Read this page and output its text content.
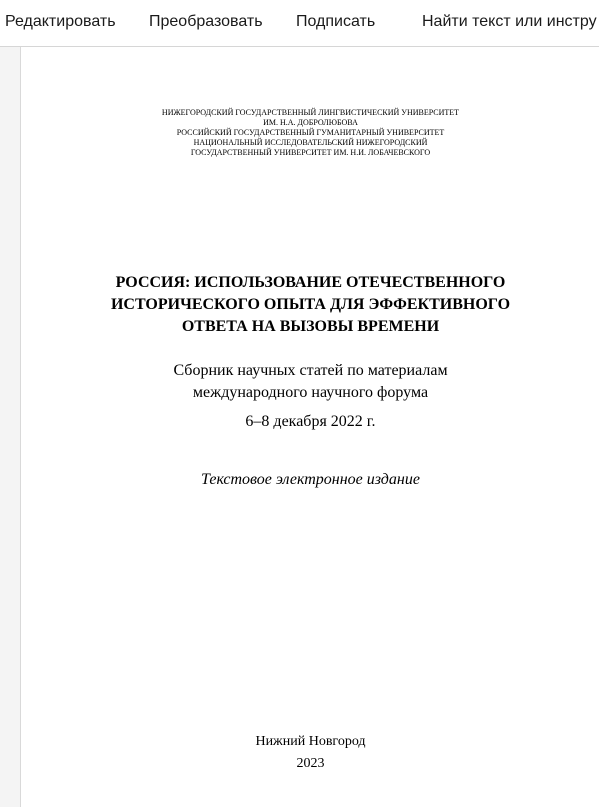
Редактировать Преобразовать Подписать	Найти текст или инстру
НИЖЕГОРОДСКИЙ ГОСУДАРСТВЕННЫЙ ЛИНГВИСТИЧЕСКИЙ УНИВЕРСИТЕТ
ИМ. Н.А. ДОБРОЛЮБОВА
РОССИЙСКИЙ ГОСУДАРСТВЕННЫЙ ГУМАНИТАРНЫЙ УНИВЕРСИТЕТ
НАЦИОНАЛЬНЫЙ ИССЛЕДОВАТЕЛЬСКИЙ НИЖЕГОРОДСКИЙ
ГОСУДАРСТВЕННЫЙ УНИВЕРСИТЕТ ИМ. Н.И. ЛОБАЧЕВСКОГО
РОССИЯ: ИСПОЛЬЗОВАНИЕ ОТЕЧЕСТВЕННОГО
ИСТОРИЧЕСКОГО ОПЫТА ДЛЯ ЭФФЕКТИВНОГО
ОТВЕТА НА ВЫЗОВЫ ВРЕМЕНИ
Сборник научных статей по материалам
международного научного форума
6–8 декабря 2022 г.
Текстовое электронное издание
Нижний Новгород
2023
